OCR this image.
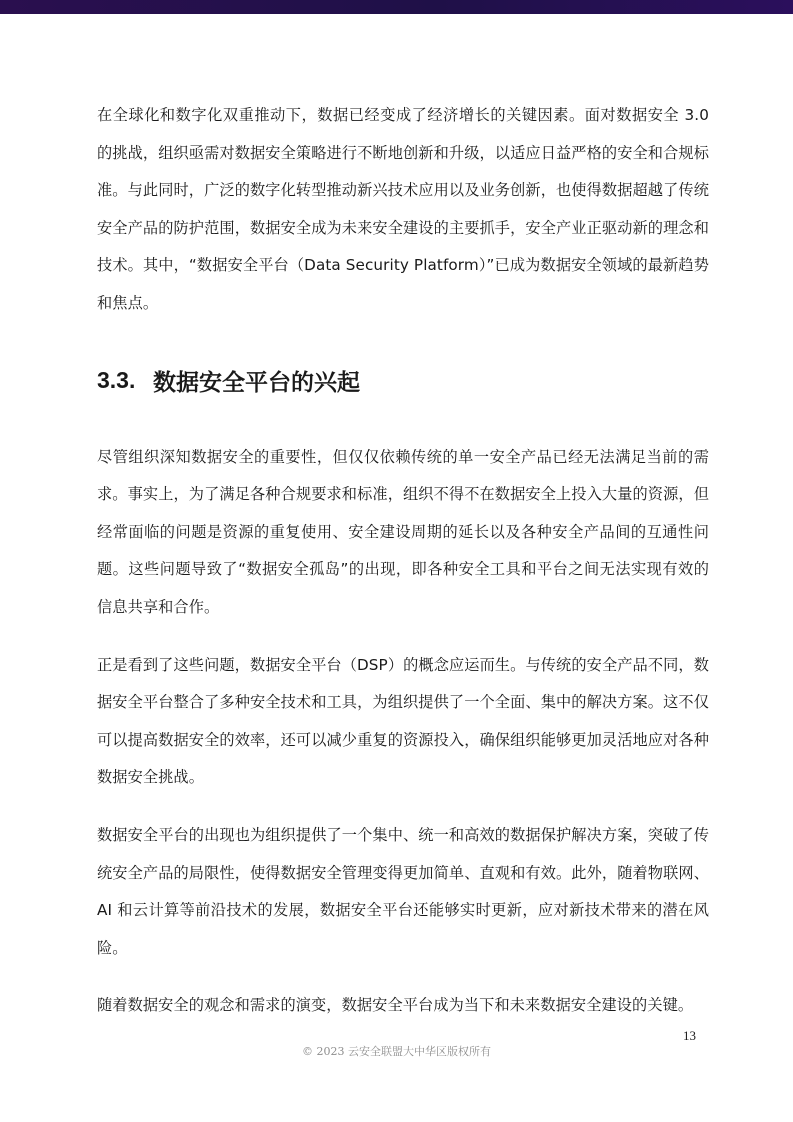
在全球化和数字化双重推动下，数据已经变成了经济增长的关键因素。面对数据安全 3.0 的挑战，组织亟需对数据安全策略进行不断地创新和升级，以适应日益严格的安全和合规标准。与此同时，广泛的数字化转型推动新兴技术应用以及业务创新，也使得数据超越了传统安全产品的防护范围，数据安全成为未来安全建设的主要抓手，安全产业正驱动新的理念和技术。其中，“数据安全平台（Data Security Platform）”已成为数据安全领域的最新趋势和焦点。

3.3. 数据安全平台的兴起

尽管组织深知数据安全的重要性，但仅仅依赖传统的单一安全产品已经无法满足当前的需求。事实上，为了满足各种合规要求和标准，组织不得不在数据安全上投入大量的资源，但经常面临的问题是资源的重复使用、安全建设周期的延长以及各种安全产品间的互通性问题。这些问题导致了“数据安全孤岛”的出现，即各种安全工具和平台之间无法实现有效的信息共享和合作。

正是看到了这些问题，数据安全平台（DSP）的概念应运而生。与传统的安全产品不同，数据安全平台整合了多种安全技术和工具，为组织提供了一个全面、集中的解决方案。这不仅可以提高数据安全的效率，还可以减少重复的资源投入，确保组织能够更加灵活地应对各种数据安全挑战。

数据安全平台的出现也为组织提供了一个集中、统一和高效的数据保护解决方案，突破了传统安全产品的局限性，使得数据安全管理变得更加简单、直观和有效。此外，随着物联网、AI 和云计算等前沿技术的发展，数据安全平台还能够实时更新，应对新技术带来的潜在风险。

随着数据安全的观念和需求的演变，数据安全平台成为当下和未来数据安全建设的关键。

13
© 2023 云安全联盟大中华区版权所有
